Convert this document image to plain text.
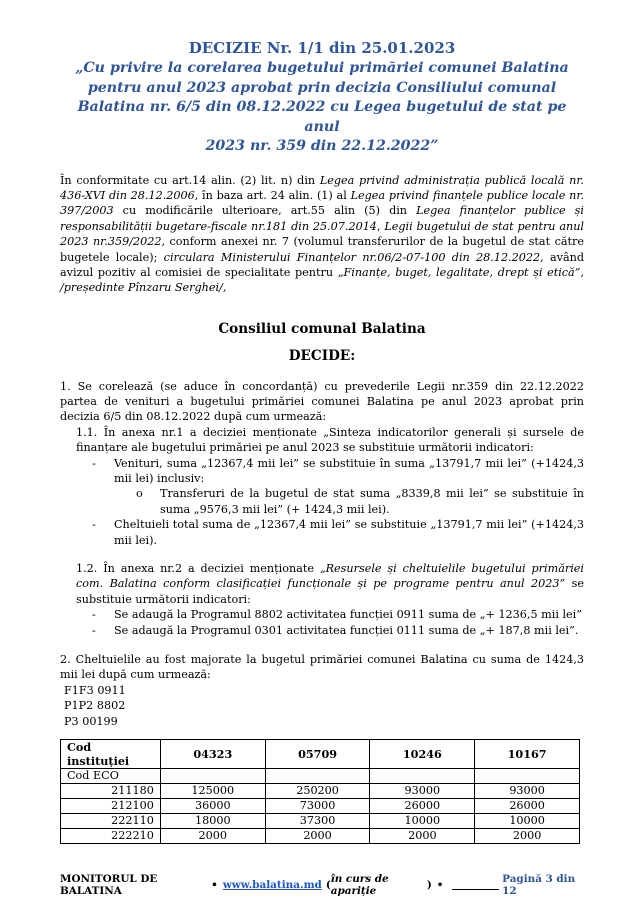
DECIZIE Nr. 1/1 din 25.01.2023
„Cu privire la corelarea bugetului primăriei comunei Balatina
pentru anul 2023 aprobat prin decizia Consiliului comunal
Balatina nr. 6/5 din 08.12.2022 cu Legea bugetului de stat pe anul
2023 nr. 359 din 22.12.2022”
În conformitate cu art.14 alin. (2) lit. n) din Legea privind administrația publică locală nr. 436-XVI din 28.12.2006, în baza art. 24 alin. (1) al Legea privind finanțele publice locale nr. 397/2003 cu modificările ulterioare, art.55 alin (5) din Legea finanțelor publice și responsabilității bugetare-fiscale nr.181 din 25.07.2014, Legii bugetului de stat pentru anul 2023 nr.359/2022, conform anexei nr. 7 (volumul transferurilor de la bugetul de stat către bugetele locale); circulara Ministerului Finanțelor nr.06/2-07-100 din 28.12.2022, având avizul pozitiv al comisiei de specialitate pentru „Finanțe, buget, legalitate, drept și etică”, /președinte Pînzaru Serghei/,
Consiliul comunal Balatina
DECIDE:
1. Se corelează (se aduce în concordanță) cu prevederile Legii nr.359 din 22.12.2022 partea de venituri a bugetului primăriei comunei Balatina pe anul 2023 aprobat prin decizia 6/5 din 08.12.2022 după cum urmează:
1.1. În anexa nr.1 a deciziei menționate „Sinteza indicatorilor generali și sursele de finanțare ale bugetului primăriei pe anul 2023 se substituie următorii indicatori:
-	Venituri, suma „12367,4 mii lei” se substituie în suma „13791,7 mii lei” (+1424,3 mii lei) inclusiv:
o	Transferuri de la bugetul de stat suma „8339,8 mii lei” se substituie în suma „9576,3 mii lei” (+ 1424,3 mii lei).
-	Cheltuieli total suma de „12367,4 mii lei” se substituie „13791,7 mii lei” (+1424,3 mii lei).
1.2. În anexa nr.2 a deciziei menționate „Resursele și cheltuielile bugetului primăriei com. Balatina conform clasificației funcționale și pe programe pentru anul 2023” se substituie următorii indicatori:
-	Se adaugă la Programul 8802 activitatea funcției 0911 suma de „+ 1236,5 mii lei”
-	Se adaugă la Programul 0301 activitatea funcției 0111 suma de „+ 187,8 mii lei”.
2. Cheltuielile au fost majorate la bugetul primăriei comunei Balatina cu suma de 1424,3 mii lei după cum urmează:
F1F3 0911
P1P2 8802
P3 00199
Cod instituției	04323	05709	10246	10167
Cod ECO				
211180	125000	250200	93000	93000
212100	36000	73000	26000	26000
222110	18000	37300	10000	10000
222210	2000	2000	2000	2000
MONITORUL DE BALATINA	• www.balatina.md ( în curs de apariție	) •	Pagină 3 din 12
